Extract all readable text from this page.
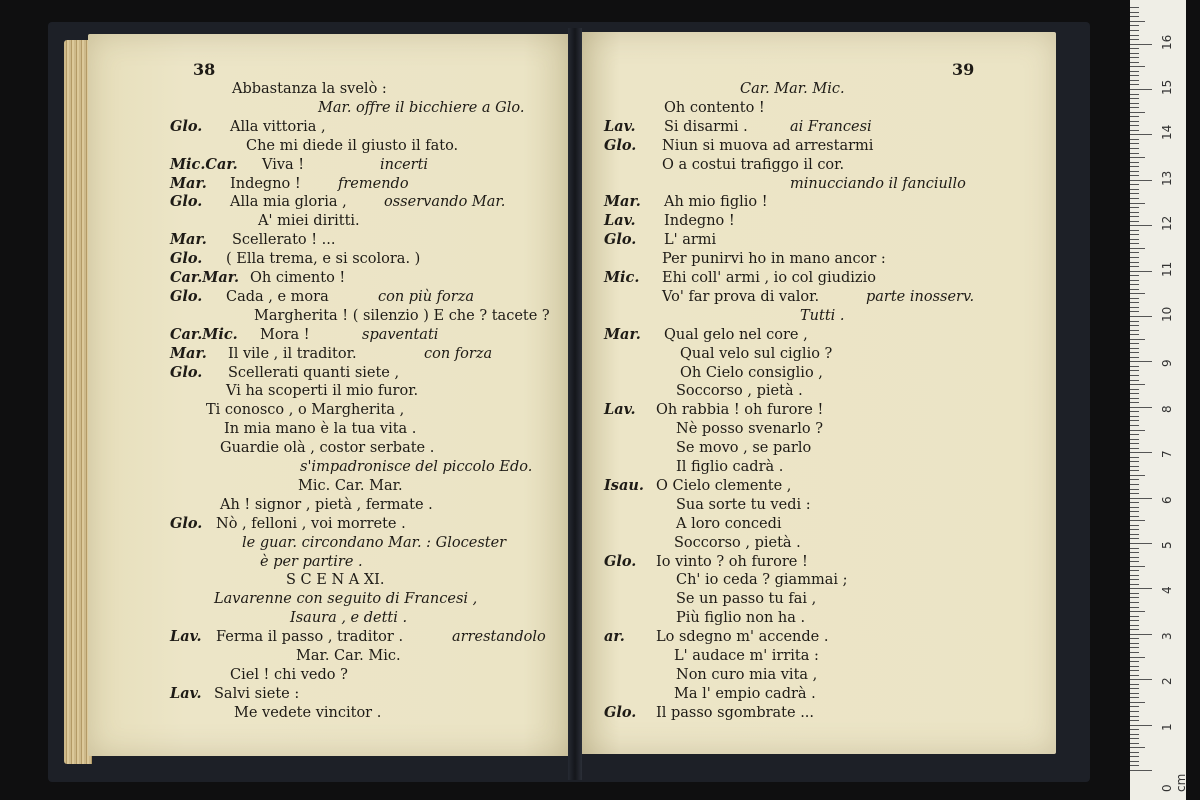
38	39
Abbastanza la svelò :
Mar. offre il bicchiere a Glo.
Glo. Alla vittoria ,
Che mi diede il giusto il fato.
Mic.Car. Viva !	incerti
Mar. Indegno !	fremendo
Glo. Alla mia gloria ,	osservando Mar.
A' miei diritti.
Mar. Scellerato ! ...
Glo. ( Ella trema, e si scolora. )
Car.Mar. Oh cimento !
Glo. Cada , e mora	con più forza
Margherita ! ( silenzio ) E che ? tacete ?
Car.Mic. Mora !	spaventati
Mar. Il vile , il traditor.	con forza
Glo. Scellerati quanti siete ,
Vi ha scoperti il mio furor.
Ti conosco , o Margherita ,
In mia mano è la tua vita .
Guardie olà , costor serbate .
s'impadronisce del piccolo Edo.
Mic. Car. Mar.
Ah ! signor , pietà , fermate .
Glo. Nò , felloni , voi morrete .
le guar. circondano Mar. : Glocester
è per partire .
S C E N A XI.
Lavarenne con seguito di Francesi ,
Isaura , e detti .
Lav. Ferma il passo , traditor .	arrestandolo
Mar. Car. Mic.
Ciel ! chi vedo ?
Lav. Salvi siete :
Me vedete vincitor .
Car. Mar. Mic.
Oh contento !
Lav. Si disarmi .	ai Francesi
Glo. Niun si muova ad arrestarmi
O a costui trafiggo il cor.
minucciando il fanciullo
Mar. Ah mio figlio !
Lav. Indegno !
Glo. L' armi
Per punirvi ho in mano ancor :
Mic. Ehi coll' armi , io col giudizio
Vo' far prova di valor.	parte inosserv.
Tutti .
Mar. Qual gelo nel core ,
Qual velo sul ciglio ?
Oh Cielo consiglio ,
Soccorso , pietà .
Lav. Oh rabbia ! oh furore !
Nè posso svenarlo ?
Se movo , se parlo
Il figlio cadrà .
Isau. O Cielo clemente ,
Sua sorte tu vedi :
A loro concedi
Soccorso , pietà .
Glo. Io vinto ? oh furore !
Ch' io ceda ? giammai ;
Se un passo tu fai ,
Più figlio non ha .
ar. Lo sdegno m' accende .
L' audace m' irrita :
Non curo mia vita ,
Ma l' empio cadrà .
Glo. Il passo sgombrate ...
0 cm
1
2
3
4
5
6
7
8
9
10
11
12
13
14
15
16
